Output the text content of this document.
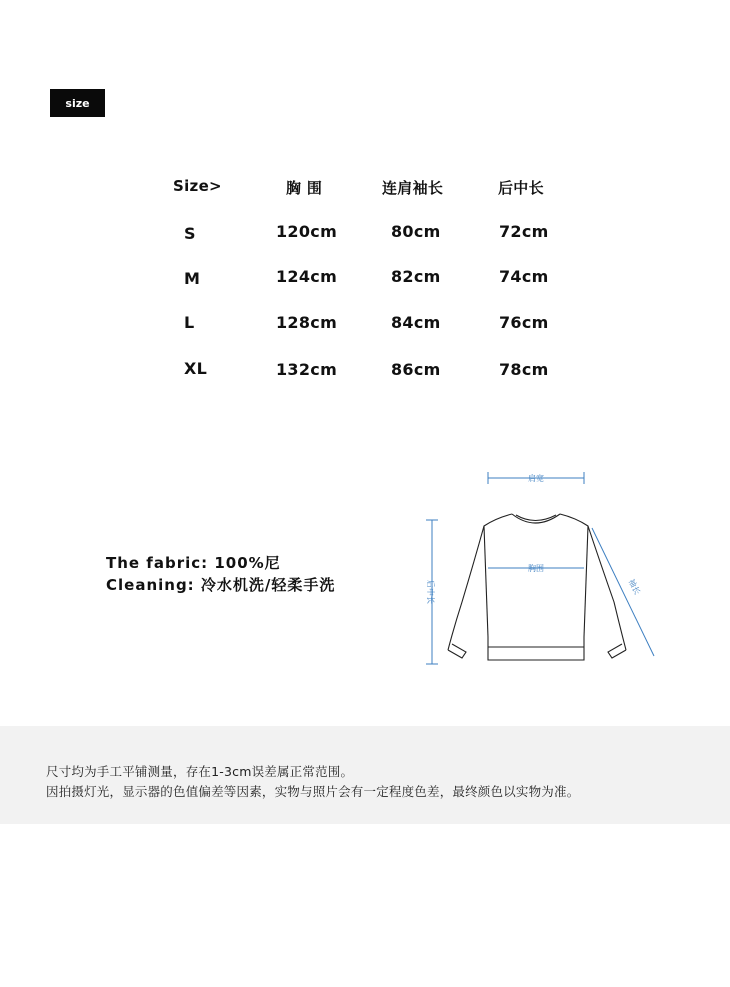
size
Size>	胸 围	连肩袖长	后中长
S	120cm	80cm	72cm
M	124cm	82cm	74cm
L	128cm	84cm	76cm
XL	132cm	86cm	78cm
The fabric: 100%尼
Cleaning: 冷水机洗/轻柔手洗
肩宽
胸围
后中长	袖长
尺寸均为手工平铺测量，存在1-3cm误差属正常范围。
因拍摄灯光，显示器的色值偏差等因素，实物与照片会有一定程度色差，最终颜色以实物为准。
